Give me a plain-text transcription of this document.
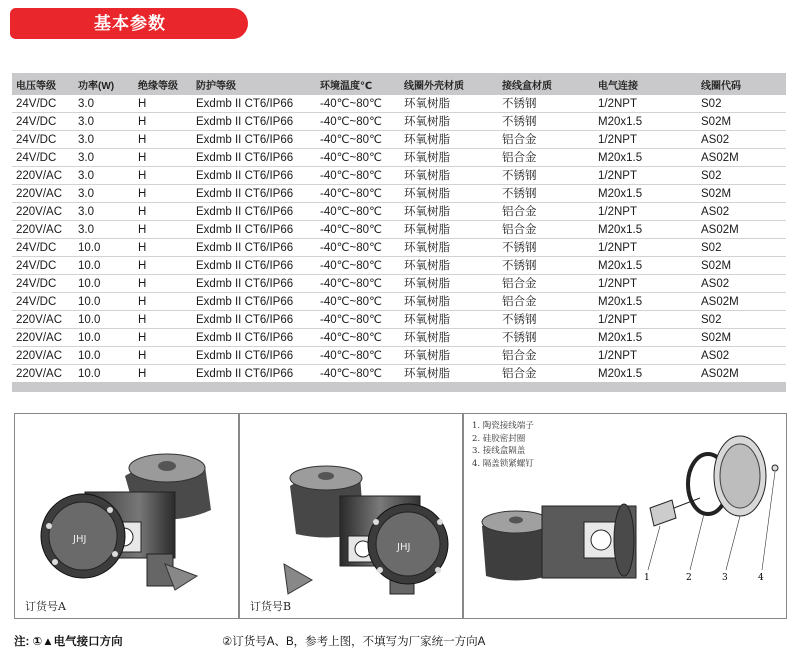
基本参数
电压等级	功率(W)	绝缘等级	防护等级	环境温度℃	线圈外壳材质	接线盒材质	电气连接	线圈代码
24V/DC	3.0	H	Exdmb II CT6/IP66	-40℃~80℃	环氧树脂	不锈钢	1/2NPT	S02
24V/DC	3.0	H	Exdmb II CT6/IP66	-40℃~80℃	环氧树脂	不锈钢	M20x1.5	S02M
24V/DC	3.0	H	Exdmb II CT6/IP66	-40℃~80℃	环氧树脂	铝合金	1/2NPT	AS02
24V/DC	3.0	H	Exdmb II CT6/IP66	-40℃~80℃	环氧树脂	铝合金	M20x1.5	AS02M
220V/AC	3.0	H	Exdmb II CT6/IP66	-40℃~80℃	环氧树脂	不锈钢	1/2NPT	S02
220V/AC	3.0	H	Exdmb II CT6/IP66	-40℃~80℃	环氧树脂	不锈钢	M20x1.5	S02M
220V/AC	3.0	H	Exdmb II CT6/IP66	-40℃~80℃	环氧树脂	铝合金	1/2NPT	AS02
220V/AC	3.0	H	Exdmb II CT6/IP66	-40℃~80℃	环氧树脂	铝合金	M20x1.5	AS02M
24V/DC	10.0	H	Exdmb II CT6/IP66	-40℃~80℃	环氧树脂	不锈钢	1/2NPT	S02
24V/DC	10.0	H	Exdmb II CT6/IP66	-40℃~80℃	环氧树脂	不锈钢	M20x1.5	S02M
24V/DC	10.0	H	Exdmb II CT6/IP66	-40℃~80℃	环氧树脂	铝合金	1/2NPT	AS02
24V/DC	10.0	H	Exdmb II CT6/IP66	-40℃~80℃	环氧树脂	铝合金	M20x1.5	AS02M
220V/AC	10.0	H	Exdmb II CT6/IP66	-40℃~80℃	环氧树脂	不锈钢	1/2NPT	S02
220V/AC	10.0	H	Exdmb II CT6/IP66	-40℃~80℃	环氧树脂	不锈钢	M20x1.5	S02M
220V/AC	10.0	H	Exdmb II CT6/IP66	-40℃~80℃	环氧树脂	铝合金	1/2NPT	AS02
220V/AC	10.0	H	Exdmb II CT6/IP66	-40℃~80℃	环氧树脂	铝合金	M20x1.5	AS02M

JHJ
订货号A
JHJ
订货号B
1. 陶瓷接线端子
2. 硅胶密封圈
3. 接线盒隔盖
4. 隔盖锁紧螺钉
1	2	3	4
注: ①▲电气接口方向	②订货号A、B，参考上图，不填写为厂家统一方向A
